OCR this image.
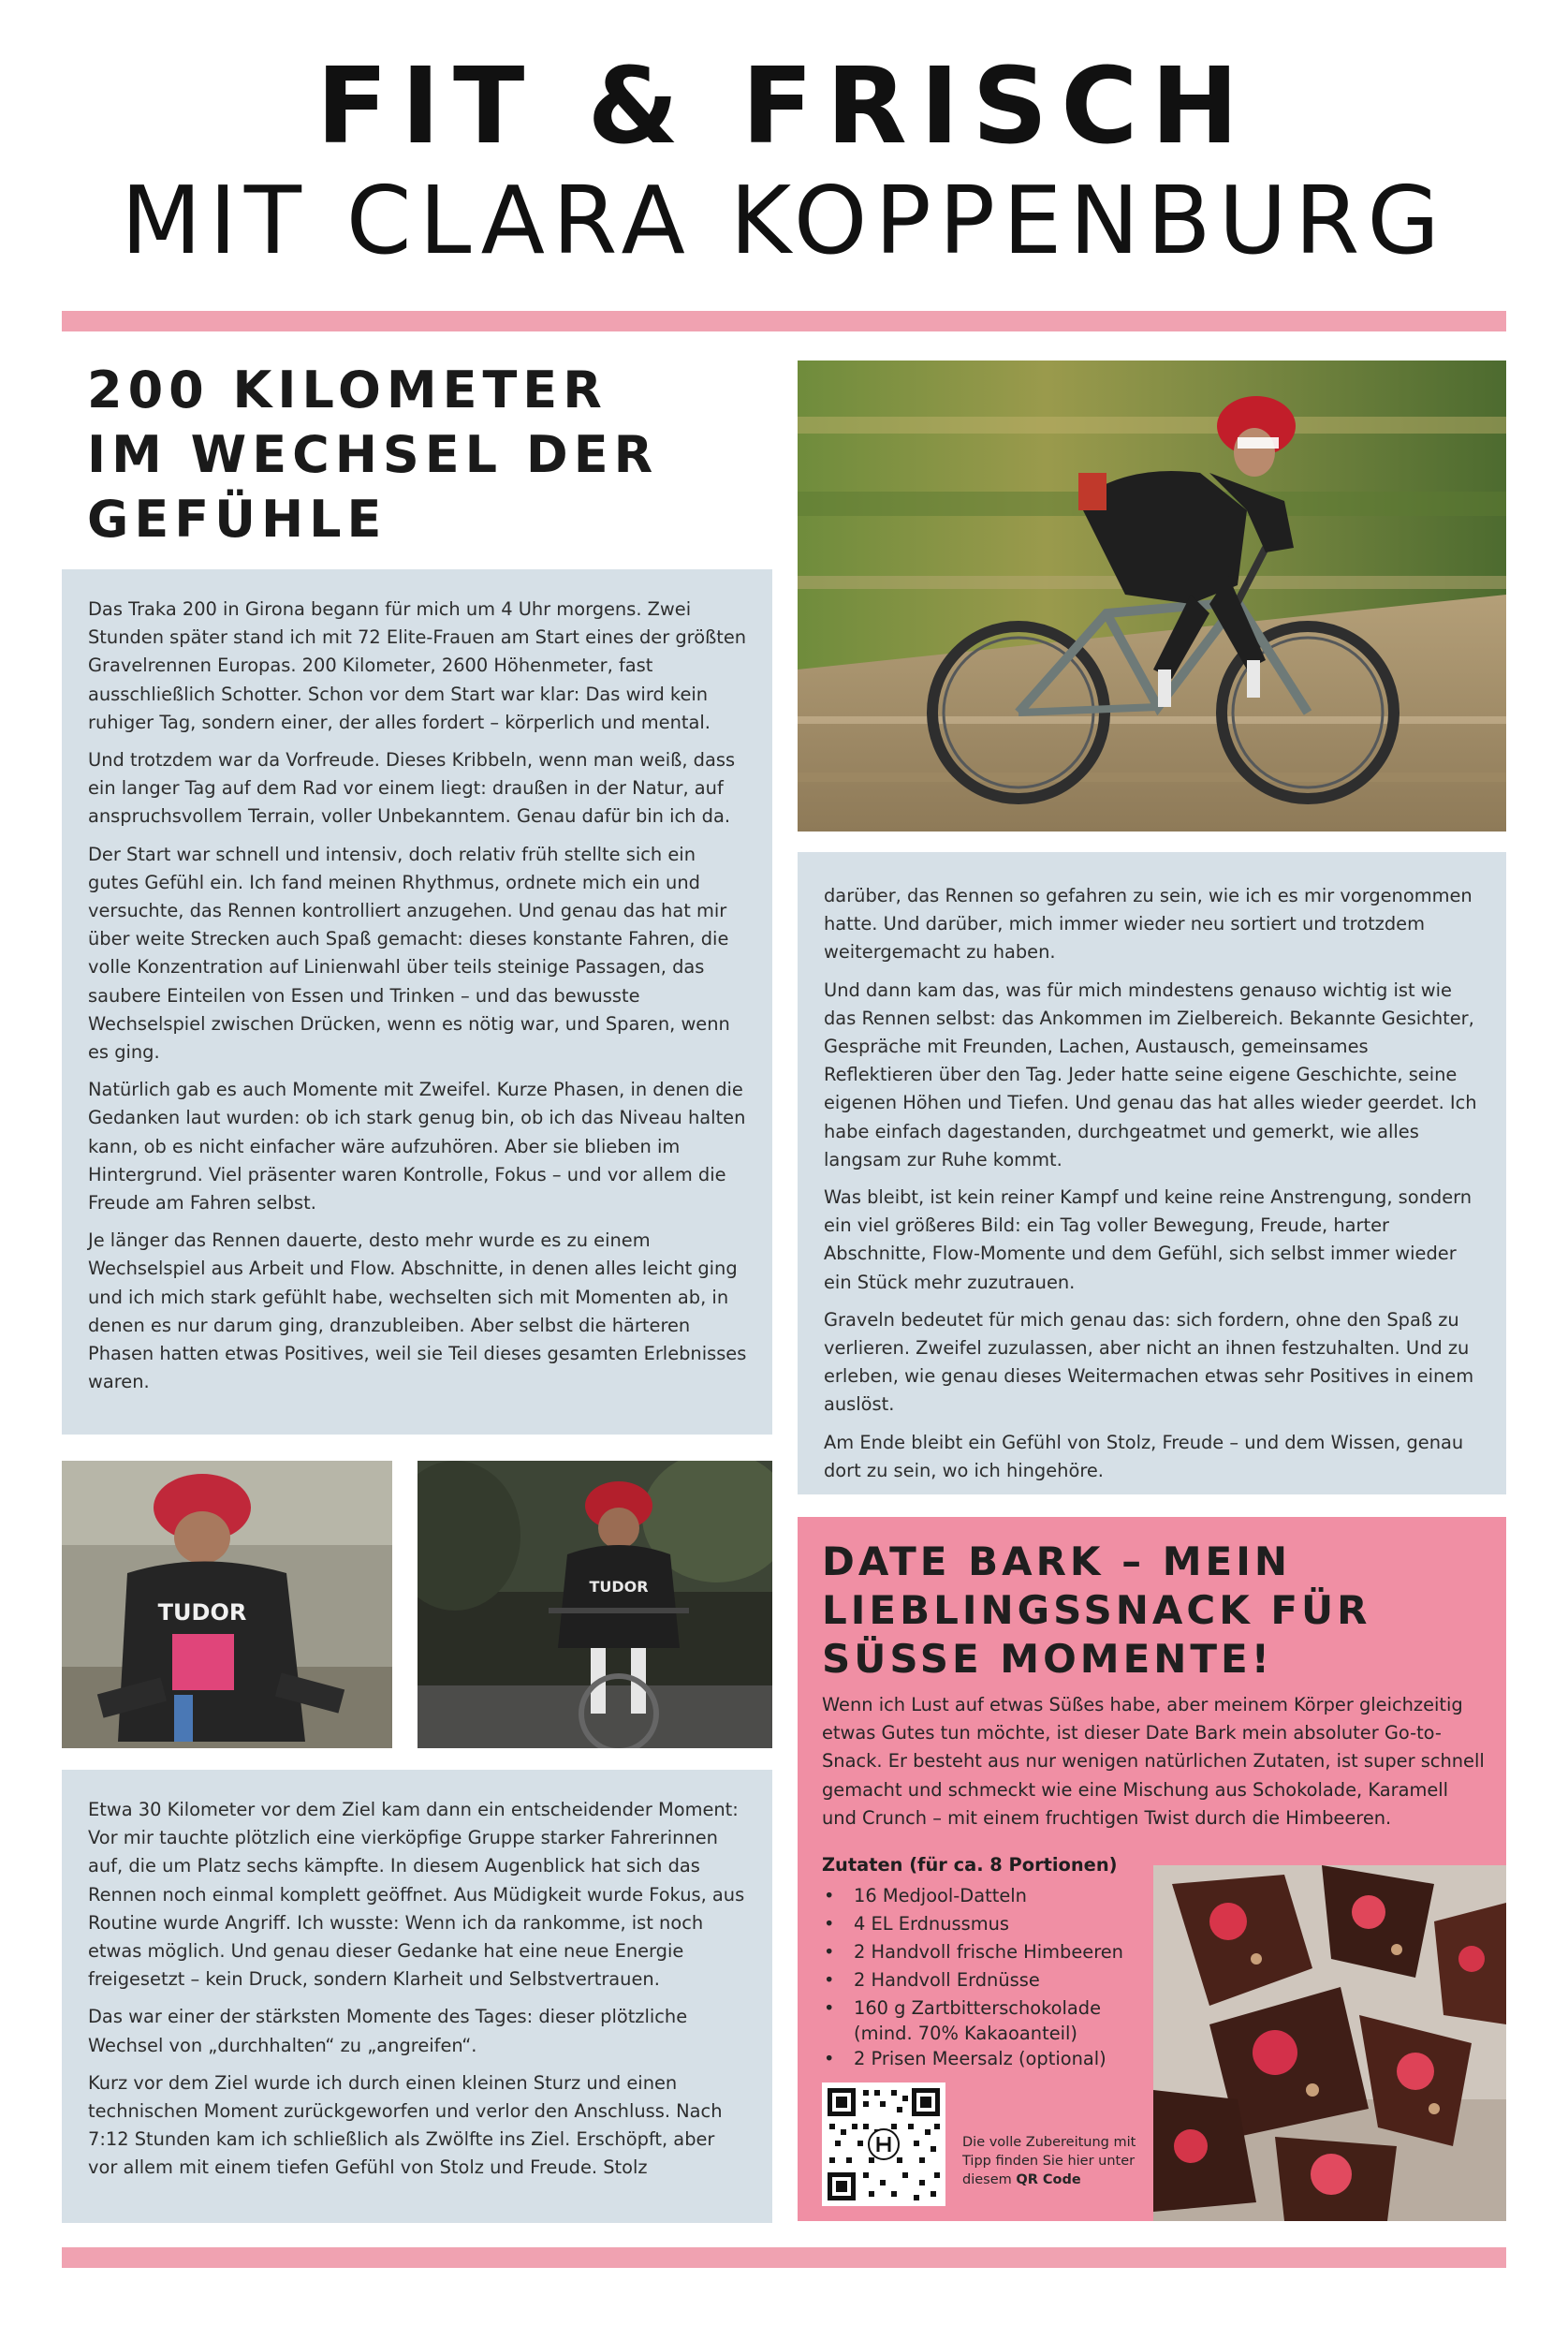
FIT & FRISCH
MIT CLARA KOPPENBURG
200 KILOMETER
IM WECHSEL DER
GEFÜHLE

Das Traka 200 in Girona begann für mich um 4 Uhr morgens. Zwei Stunden später stand ich mit 72 Elite-Frauen am Start eines der größten Gravelrennen Europas. 200 Kilometer, 2600 Höhenmeter, fast ausschließlich Schotter. Schon vor dem Start war klar: Das wird kein ruhiger Tag, sondern einer, der alles fordert – körperlich und mental.

Und trotzdem war da Vorfreude. Dieses Kribbeln, wenn man weiß, dass ein langer Tag auf dem Rad vor einem liegt: draußen in der Natur, auf anspruchsvollem Terrain, voller Unbekanntem. Genau dafür bin ich da.

Der Start war schnell und intensiv, doch relativ früh stellte sich ein gutes Gefühl ein. Ich fand meinen Rhythmus, ordnete mich ein und versuchte, das Rennen kontrolliert anzugehen. Und genau das hat mir über weite Strecken auch Spaß gemacht: dieses konstante Fahren, die volle Konzentration auf Linienwahl über teils steinige Passagen, das saubere Einteilen von Essen und Trinken – und das bewusste Wechselspiel zwischen Drücken, wenn es nötig war, und Sparen, wenn es ging.

Natürlich gab es auch Momente mit Zweifel. Kurze Phasen, in denen die Gedanken laut wurden: ob ich stark genug bin, ob ich das Niveau halten kann, ob es nicht einfacher wäre aufzuhören. Aber sie blieben im Hintergrund. Viel präsenter waren Kontrolle, Fokus – und vor allem die Freude am Fahren selbst.

Je länger das Rennen dauerte, desto mehr wurde es zu einem Wechselspiel aus Arbeit und Flow. Abschnitte, in denen alles leicht ging und ich mich stark gefühlt habe, wechselten sich mit Momenten ab, in denen es nur darum ging, dranzubleiben. Aber selbst die härteren Phasen hatten etwas Positives, weil sie Teil dieses gesamten Erlebnisses waren.

darüber, das Rennen so gefahren zu sein, wie ich es mir vorgenommen hatte. Und darüber, mich immer wieder neu sortiert und trotzdem weitergemacht zu haben.

Und dann kam das, was für mich mindestens genauso wichtig ist wie das Rennen selbst: das Ankommen im Zielbereich. Bekannte Gesichter, Gespräche mit Freunden, Lachen, Austausch, gemeinsames Reflektieren über den Tag. Jeder hatte seine eigene Geschichte, seine eigenen Höhen und Tiefen. Und genau das hat alles wieder geerdet. Ich habe einfach dagestanden, durchgeatmet und gemerkt, wie alles langsam zur Ruhe kommt.

Was bleibt, ist kein reiner Kampf und keine reine Anstrengung, sondern ein viel größeres Bild: ein Tag voller Bewegung, Freude, harter Abschnitte, Flow-Momente und dem Gefühl, sich selbst immer wieder ein Stück mehr zuzutrauen.

Graveln bedeutet für mich genau das: sich fordern, ohne den Spaß zu verlieren. Zweifel zuzulassen, aber nicht an ihnen festzuhalten. Und zu erleben, wie genau dieses Weitermachen etwas sehr Positives in einem auslöst.

Am Ende bleibt ein Gefühl von Stolz, Freude – und dem Wissen, genau dort zu sein, wo ich hingehöre.

TUDOR
TUDOR

Etwa 30 Kilometer vor dem Ziel kam dann ein entscheidender Moment: Vor mir tauchte plötzlich eine vierköpfige Gruppe starker Fahrerinnen auf, die um Platz sechs kämpfte. In diesem Augenblick hat sich das Rennen noch einmal komplett geöffnet. Aus Müdigkeit wurde Fokus, aus Routine wurde Angriff. Ich wusste: Wenn ich da rankomme, ist noch etwas möglich. Und genau dieser Gedanke hat eine neue Energie freigesetzt – kein Druck, sondern Klarheit und Selbstvertrauen.

Das war einer der stärksten Momente des Tages: dieser plötzliche Wechsel von „durchhalten“ zu „angreifen“.

Kurz vor dem Ziel wurde ich durch einen kleinen Sturz und einen technischen Moment zurückgeworfen und verlor den Anschluss. Nach 7:12 Stunden kam ich schließlich als Zwölfte ins Ziel. Erschöpft, aber vor allem mit einem tiefen Gefühl von Stolz und Freude. Stolz

DATE BARK – MEIN
LIEBLINGSSNACK FÜR
SÜSSE MOMENTE!
Wenn ich Lust auf etwas Süßes habe, aber meinem Körper gleichzeitig etwas Gutes tun möchte, ist dieser Date Bark mein absoluter Go-to-Snack. Er besteht aus nur wenigen natürlichen Zutaten, ist super schnell gemacht und schmeckt wie eine Mischung aus Schokolade, Karamell und Crunch – mit einem fruchtigen Twist durch die Himbeeren.
Zutaten (für ca. 8 Portionen)
• 16 Medjool-Datteln
• 4 EL Erdnussmus
• 2 Handvoll frische Himbeeren
• 2 Handvoll Erdnüsse
• 160 g Zartbitterschokolade
(mind. 70% Kakaoanteil)
• 2 Prisen Meersalz (optional)
Die volle Zubereitung mit Tipp finden Sie hier unter diesem QR Code
